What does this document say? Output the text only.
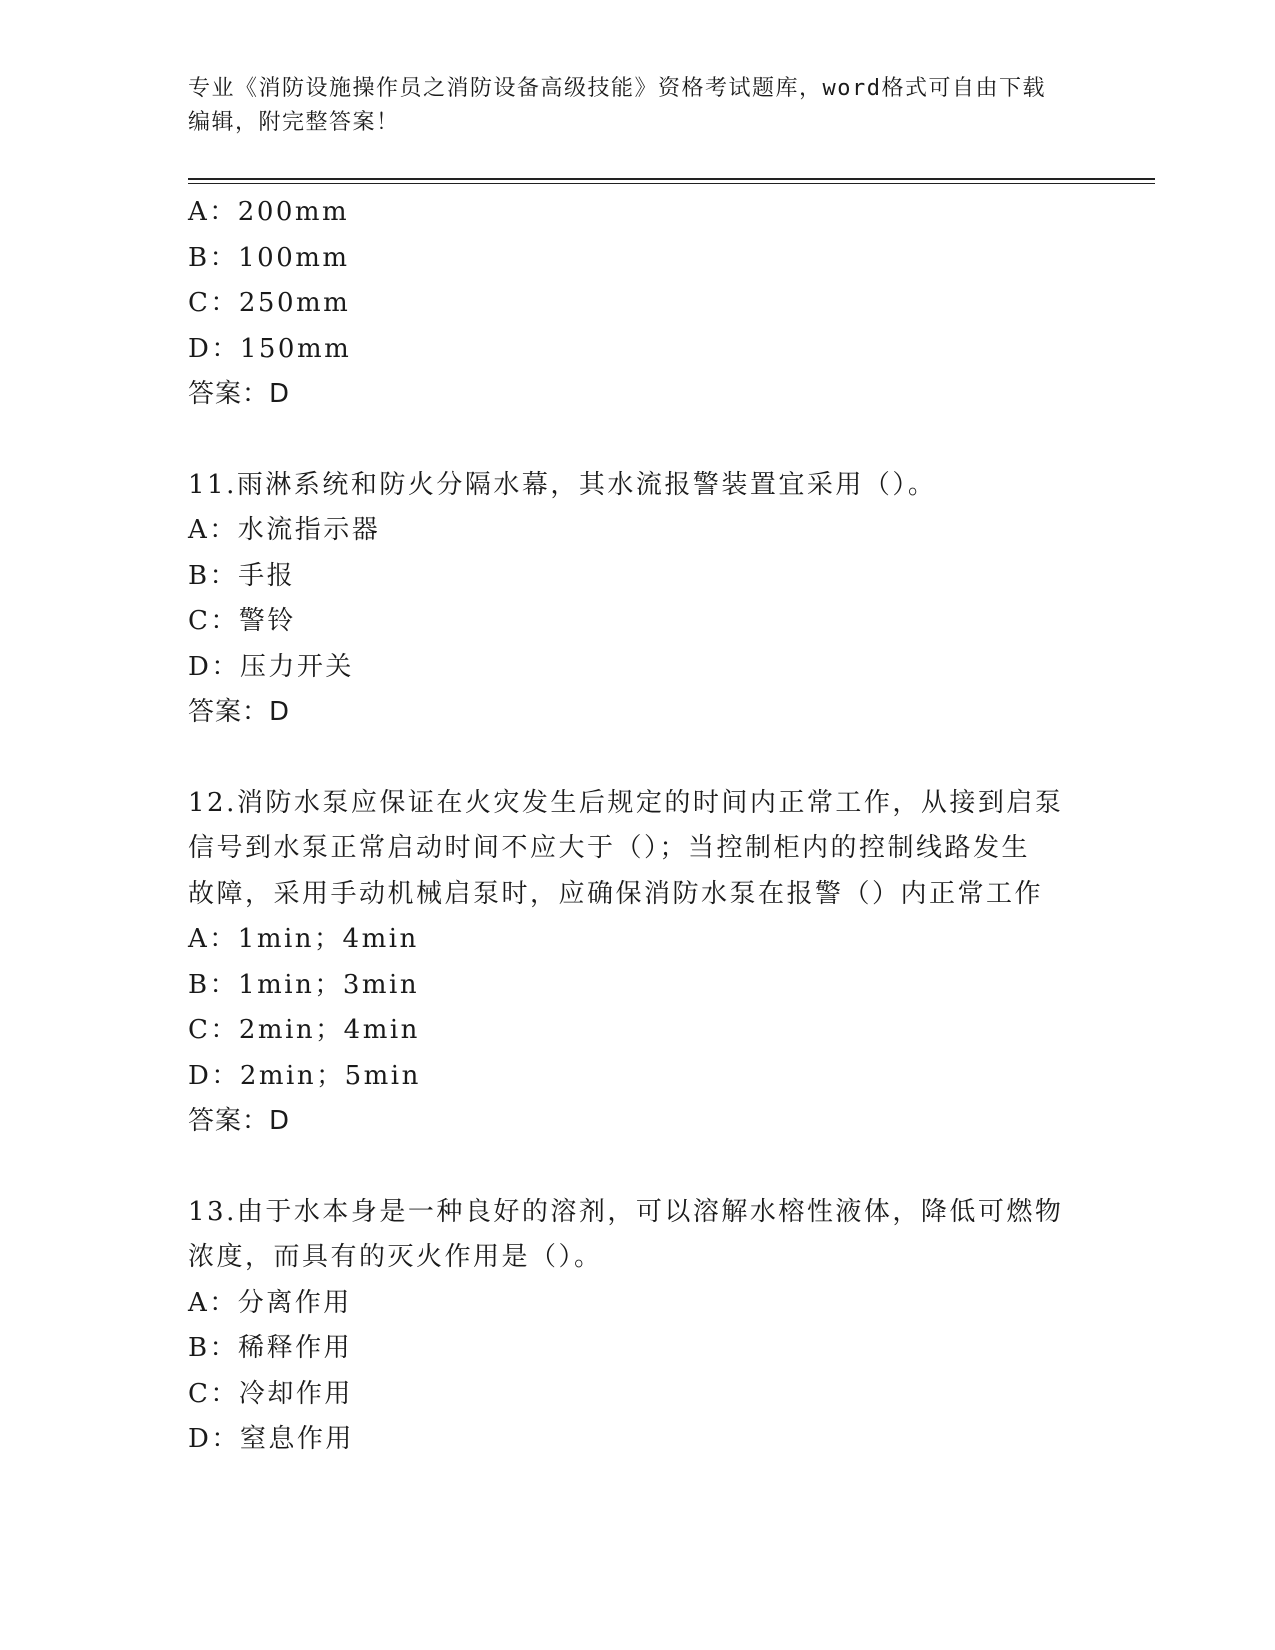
专业《消防设施操作员之消防设备高级技能》资格考试题库，word格式可自由下载编辑，附完整答案！

A：200mm

B：100mm

C：250mm

D：150mm

答案：D

11.雨淋系统和防火分隔水幕，其水流报警装置宜采用（）。

A：水流指示器

B：手报

C：警铃

D：压力开关

答案：D

12.消防水泵应保证在火灾发生后规定的时间内正常工作，从接到启泵

信号到水泵正常启动时间不应大于（）；当控制柜内的控制线路发生

故障，采用手动机械启泵时，应确保消防水泵在报警（）内正常工作

A：1min；4min

B：1min；3min

C：2min；4min

D：2min；5min

答案：D

13.由于水本身是一种良好的溶剂，可以溶解水榕性液体，降低可燃物

浓度，而具有的灭火作用是（）。

A：分离作用

B：稀释作用

C：冷却作用

D：窒息作用
